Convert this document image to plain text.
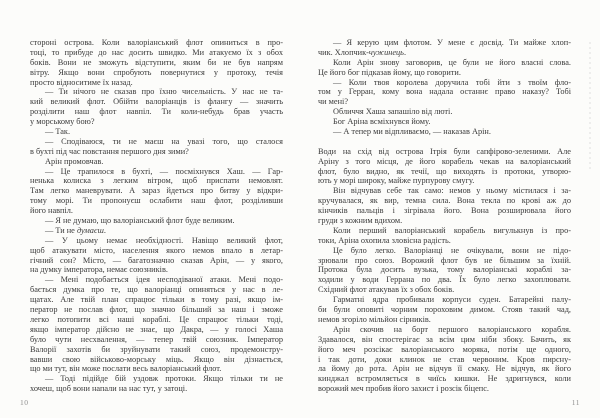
стороні острова. Коли валоріанський флот опиниться в про-
тоці, то прибуде до нас досить швидко. Ми атакуємо їх з обох
боків. Вони не зможуть відступити, яким би не був напрям
вітру. Якщо вони спробують повернутися у протоку, течія
просто відноситиме їх назад.
— Ти нічого не сказав про їхню чисельність. У нас не та-
кий великий флот. Обійти валоріанців із флангу — значить
розділити наш флот навпіл. Ти коли-небудь брав участь
у морському бою?
— Так.
— Сподіваюся, ти не маєш на увазі того, що сталося
в бухті під час повстання першого дня зими?
Арін промовчав.
— Це трапилося в бухті, — посміхнувся Хаш. — Гар-
ненька колиска з легким вітром, щоб приспати немовлят.
Там легко маневрувати. А зараз йдеться про битву у відкри-
тому морі. Ти пропонуєш ослабити наш флот, розділивши
його навпіл.
— Я не думаю, що валоріанський флот буде великим.
— Ти не думаєш.
— У цьому немає необхідності. Навіщо великий флот,
щоб атакувати місто, населення якого немов впало в летар-
гічний сон? Місто, — багатозначно сказав Арін, — у якого,
на думку імператора, немає союзників.
— Мені подобається ідея несподіваної атаки. Мені подо-
бається думка про те, що валоріанці опиняться у нас в ле-
щатах. Але твій план спрацює тільки в тому разі, якщо ім-
ператор не послав флот, що значно більший за наш і зможе
легко потопити всі наші кораблі. Це спрацює тільки тоді,
якщо імператор дійсно не знає, що Дакра, — у голосі Хаша
було чути несхвалення, — тепер твій союзник. Імператор
Валорії захотів би зруйнувати такий союз, продемонстру-
вавши свою військово-морську міць. Якщо він дізнається,
що ми тут, він може послати весь валоріанський флот.
— Тоді підійде бій уздовж протоки. Якщо тільки ти не
хочеш, щоб вони напали на нас тут, у затоці.
10
— Я керую цим флотом. У мене є досвід. Ти майже хлоп-
чик. Хлопчик-чужинець.
Коли Арін знову заговорив, це були не його власні слова.
Це його бог підказав йому, що говорити.
— Коли твоя королева доручила тобі йти з твоїм фло-
том у Герран, кому вона надала останнє право наказу? Тобі
чи мені?
Обличчя Хаша запашіло від люті.
Бог Аріна всміхнувся йому.
— А тепер ми відпливаємо, — наказав Арін.
Води на схід від острова Ітрія були сапфірово-зеленими. Але
Аріну з того місця, де його корабель чекав на валоріанський
флот, було видно, як течії, що виходять із протоки, утворю-
ють у морі широку, майже пурпурову смугу.
Він відчував себе так само: немов у ньому містилася і за-
кручувалася, як вир, темна сила. Вона текла по крові аж до
кінчиків пальців і зігрівала його. Вона розширювала його
груди з кожним вдихом.
Коли перший валоріанський корабель вигулькнув із про-
токи, Аріна охопила зловісна радість.
Це було легко. Валоріанці не очікували, вони не підо-
зрювали про союз. Ворожий флот був не більшим за їхній.
Протока була досить вузька, тому валоріанські кораблі за-
ходили у води Геррана по два. Їх було легко захоплювати.
Східний флот атакував їх з обох боків.
Гарматні ядра пробивали корпуси суден. Батарейні палу-
би були оповиті чорним пороховим димом. Стояв такий чад,
немов згоріло мільйон сірників.
Арін скочив на борт першого валоріанського корабля.
Здавалося, він спостерігає за всім цим ніби збоку. Бачить, як
його меч розсікає валоріанського моряка, потім ще одного,
і так доти, доки клинок не став червоним. Кров пирсну-
ла йому до рота. Арін не відчув її смаку. Не відчув, як його
кинджал встромляється в чиїсь кишки. Не здригнувся, коли
ворожий меч пробив його захист і розсік біцепс.
11
